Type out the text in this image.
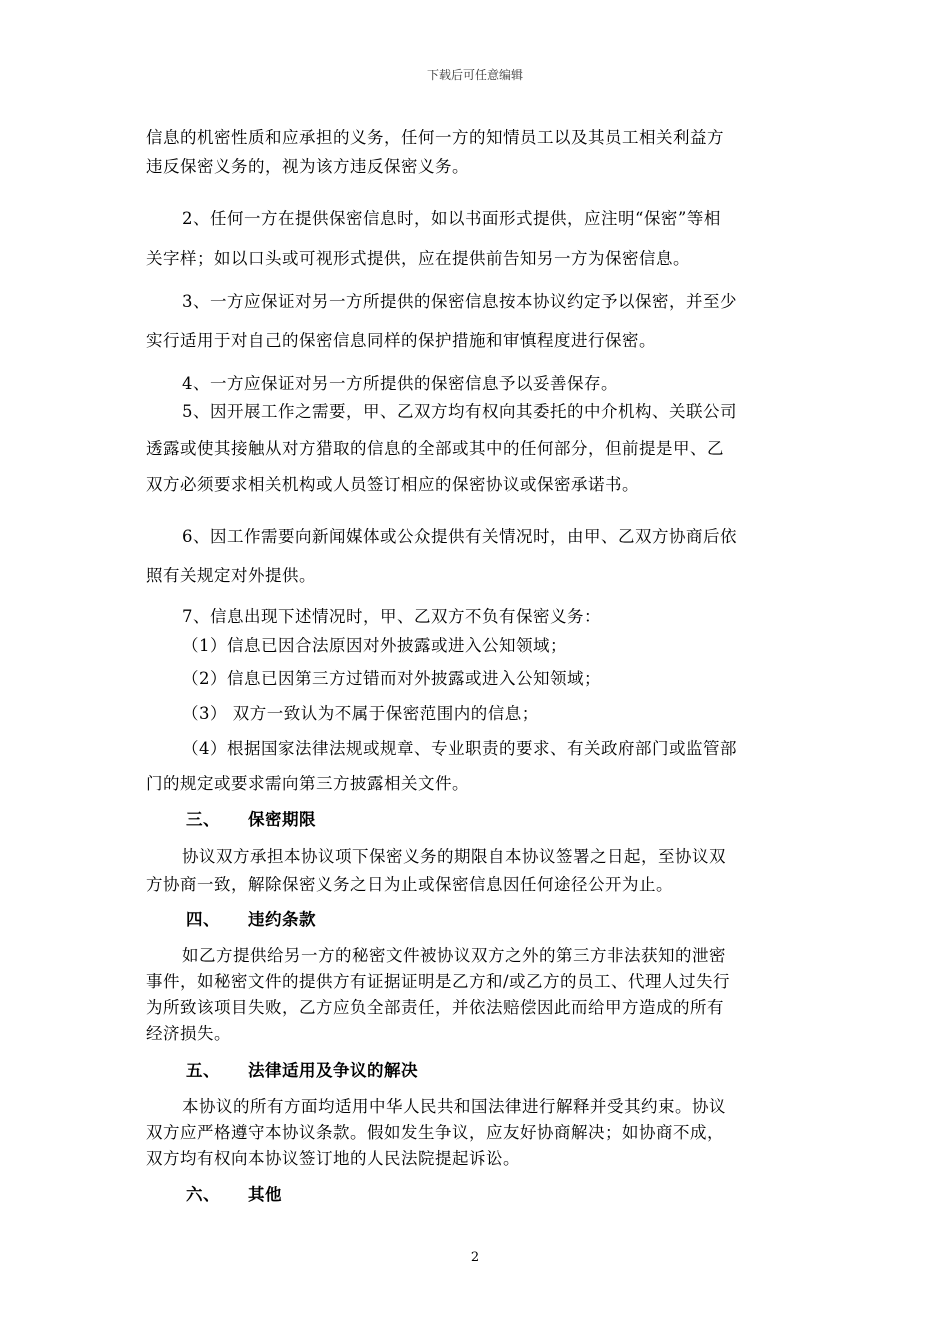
下载后可任意编辑
信息的机密性质和应承担的义务，任何一方的知情员工以及其员工相关利益方
违反保密义务的，视为该方违反保密义务。
2、任何一方在提供保密信息时，如以书面形式提供，应注明“保密”等相
关字样；如以口头或可视形式提供，应在提供前告知另一方为保密信息。
3、一方应保证对另一方所提供的保密信息按本协议约定予以保密，并至少
实行适用于对自己的保密信息同样的保护措施和审慎程度进行保密。
4、一方应保证对另一方所提供的保密信息予以妥善保存。
5、因开展工作之需要，甲、乙双方均有权向其委托的中介机构、关联公司
透露或使其接触从对方猎取的信息的全部或其中的任何部分，但前提是甲、乙
双方必须要求相关机构或人员签订相应的保密协议或保密承诺书。
6、因工作需要向新闻媒体或公众提供有关情况时，由甲、乙双方协商后依
照有关规定对外提供。
7、信息出现下述情况时，甲、乙双方不负有保密义务：
（1）信息已因合法原因对外披露或进入公知领域；
（2）信息已因第三方过错而对外披露或进入公知领域；
（3） 双方一致认为不属于保密范围内的信息；
（4）根据国家法律法规或规章、专业职责的要求、有关政府部门或监管部
门的规定或要求需向第三方披露相关文件。
三、 保密期限
协议双方承担本协议项下保密义务的期限自本协议签署之日起，至协议双
方协商一致，解除保密义务之日为止或保密信息因任何途径公开为止。
四、 违约条款
如乙方提供给另一方的秘密文件被协议双方之外的第三方非法获知的泄密
事件，如秘密文件的提供方有证据证明是乙方和/或乙方的员工、代理人过失行
为所致该项目失败，乙方应负全部责任，并依法赔偿因此而给甲方造成的所有
经济损失。
五、 法律适用及争议的解决
本协议的所有方面均适用中华人民共和国法律进行解释并受其约束。协议
双方应严格遵守本协议条款。假如发生争议，应友好协商解决；如协商不成，
双方均有权向本协议签订地的人民法院提起诉讼。
六、 其他
2
